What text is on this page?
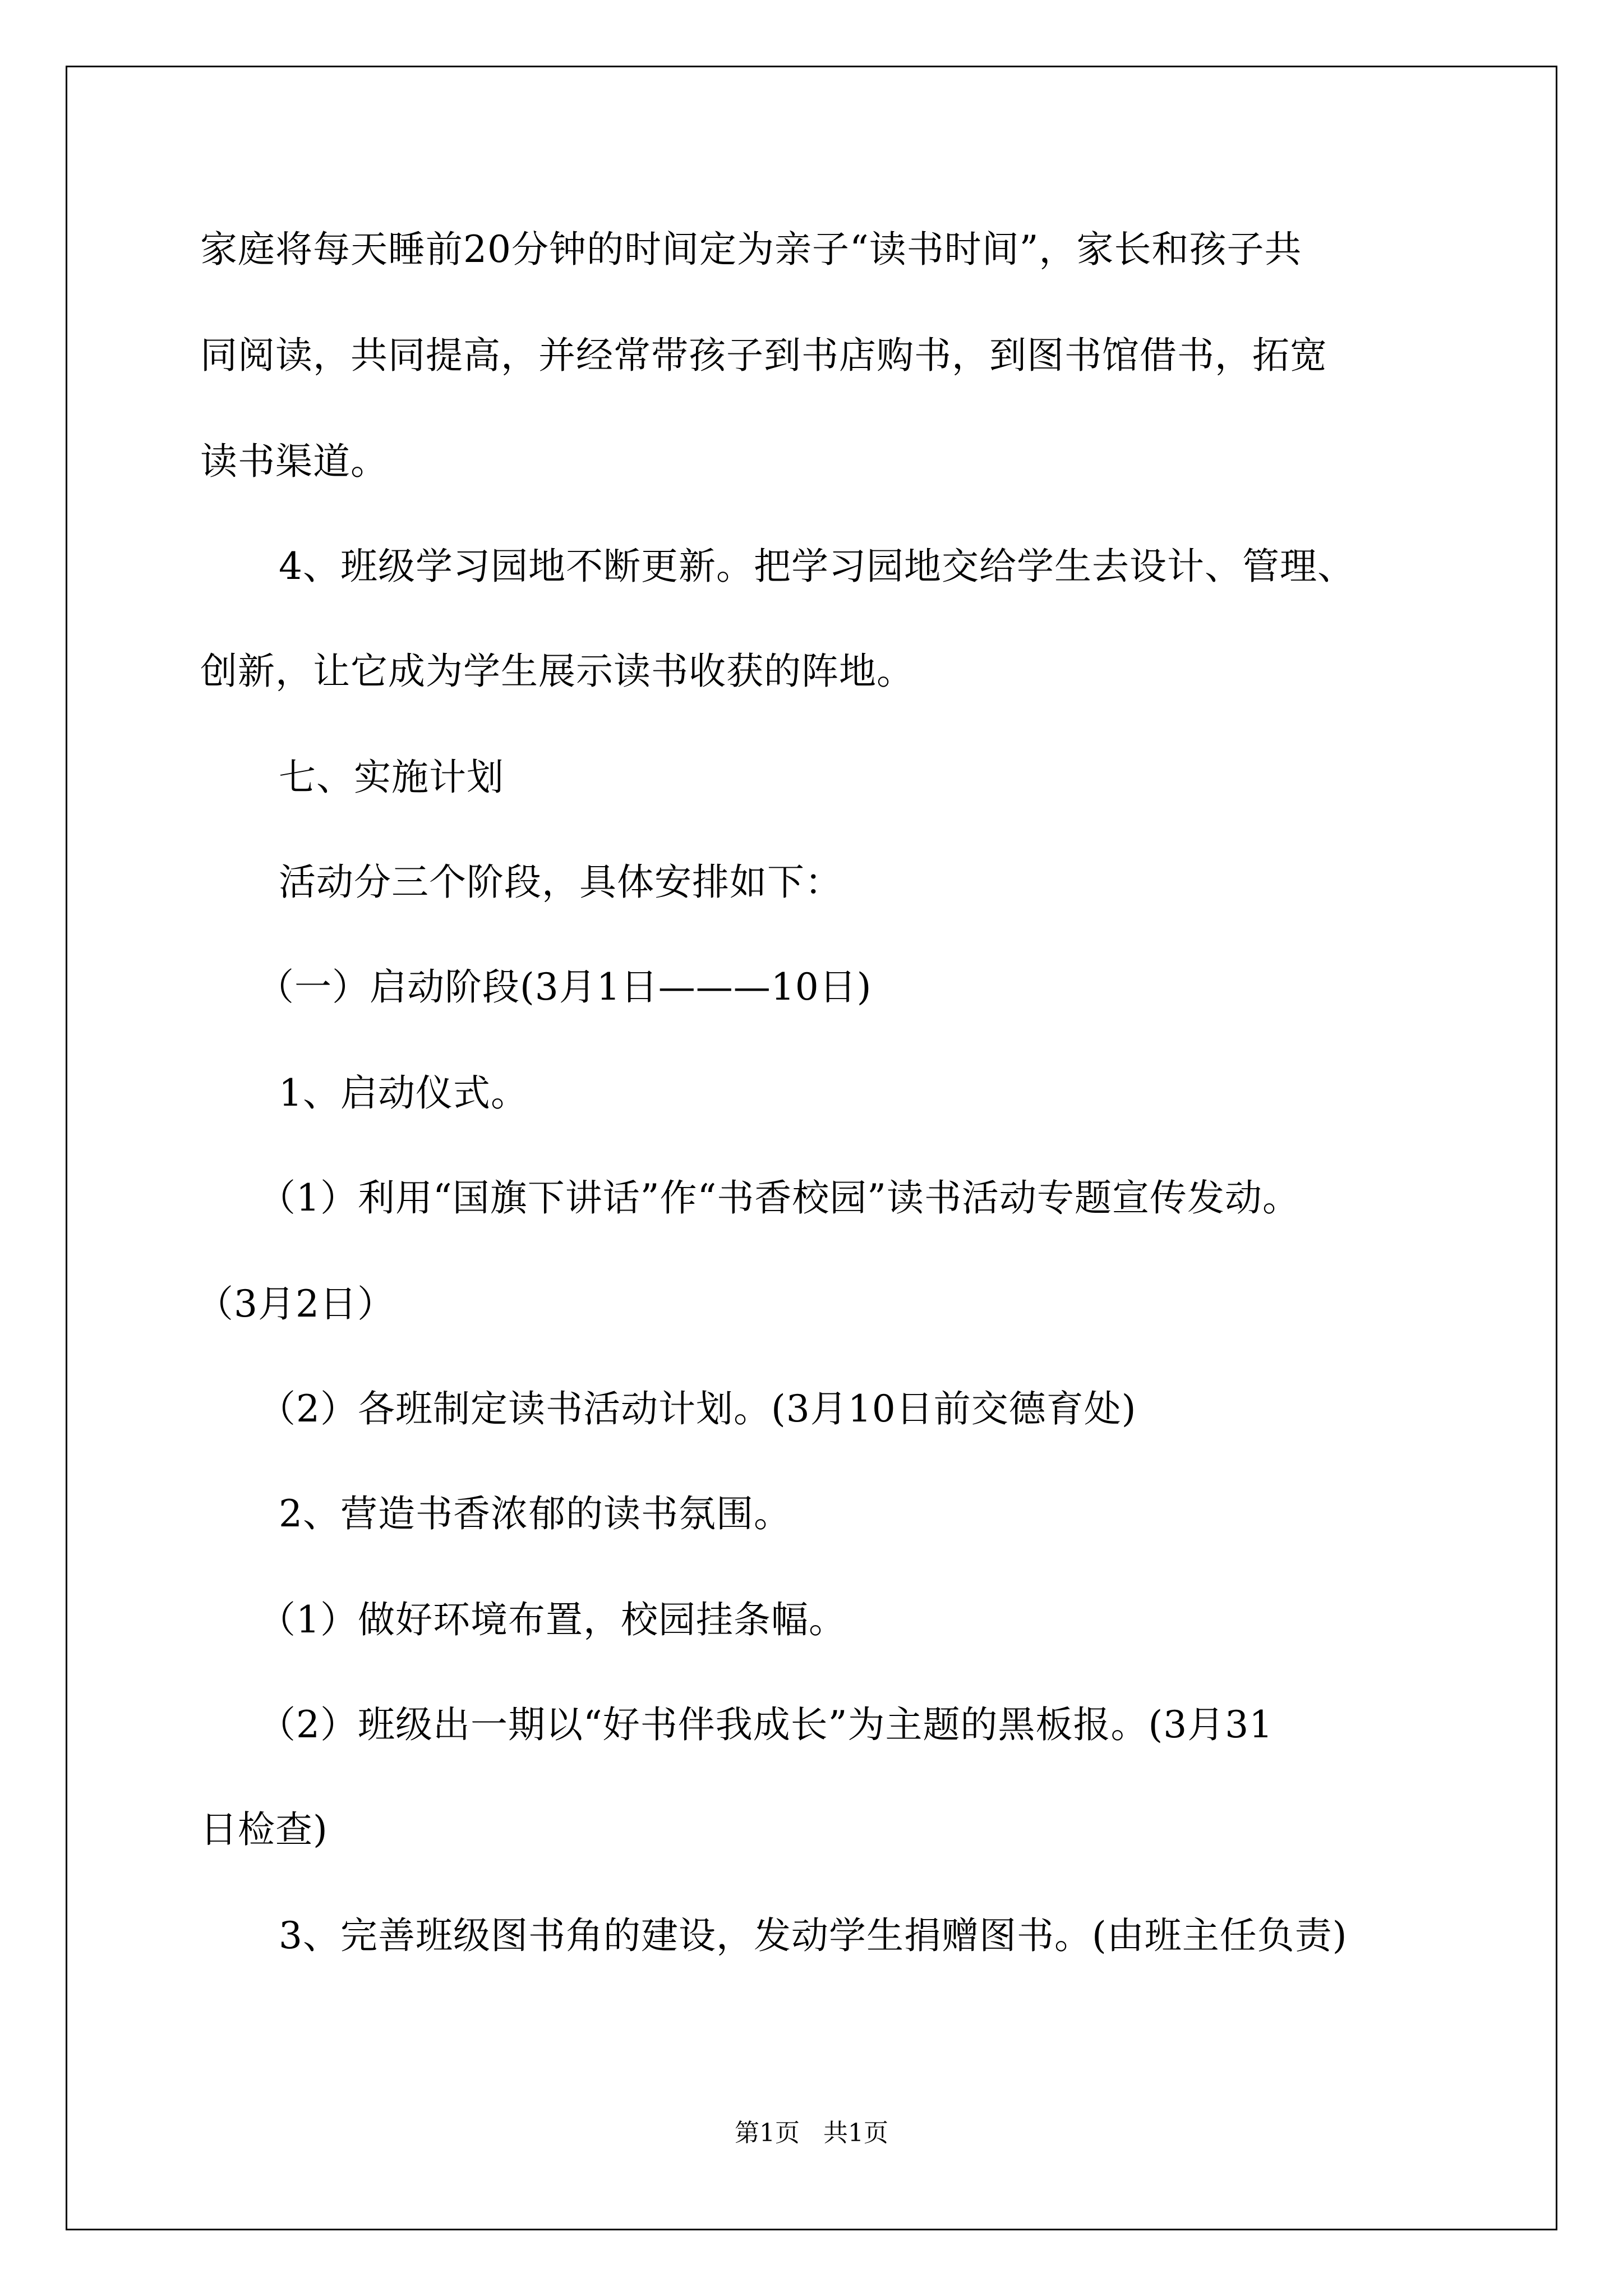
家庭将每天睡前20分钟的时间定为亲子“读书时间”，家长和孩子共
同阅读，共同提高，并经常带孩子到书店购书，到图书馆借书，拓宽
读书渠道。
4、班级学习园地不断更新。把学习园地交给学生去设计、管理、
创新，让它成为学生展示读书收获的阵地。
七、实施计划
活动分三个阶段，具体安排如下：
（一）启动阶段(3月1日———10日)
1、启动仪式。
（1）利用“国旗下讲话”作“书香校园”读书活动专题宣传发动。
（3月2日）
（2）各班制定读书活动计划。(3月10日前交德育处)
2、营造书香浓郁的读书氛围。
（1）做好环境布置，校园挂条幅。
（2）班级出一期以“好书伴我成长”为主题的黑板报。(3月31
日检查)
3、完善班级图书角的建设，发动学生捐赠图书。(由班主任负责)
第1页   共1页
